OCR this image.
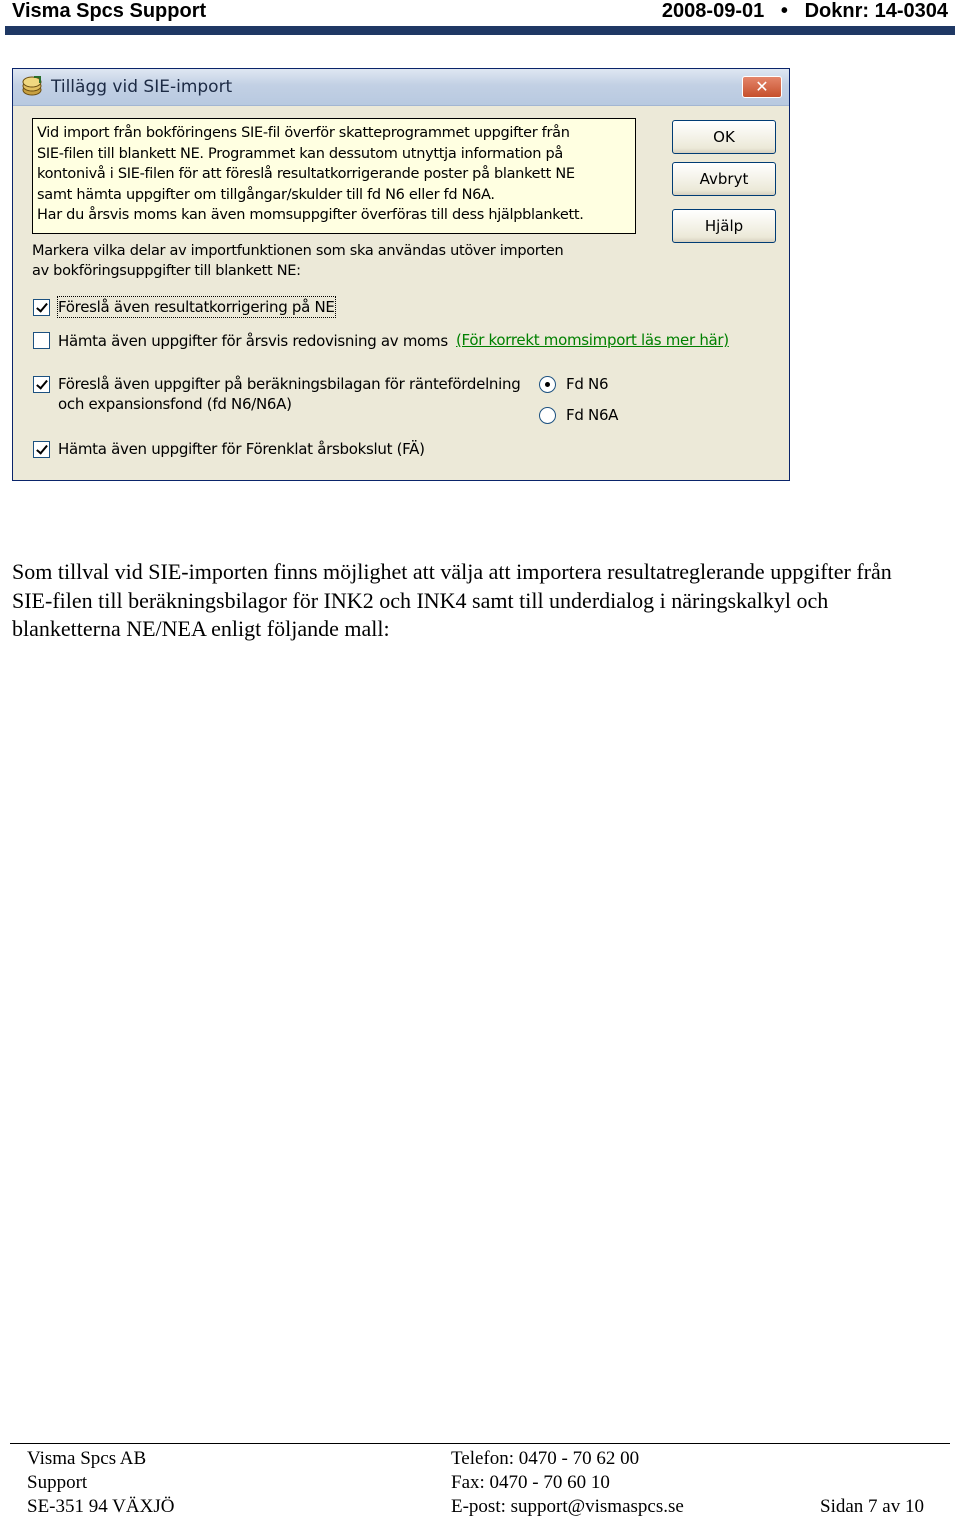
Visma Spcs Support	2008-09-01 • Doknr: 14-0304
Tillägg vid SIE-import	✕
Vid import från bokföringens SIE-fil överför skatteprogrammet uppgifter från
SIE-filen till blankett NE. Programmet kan dessutom utnyttja information på
kontonivå i SIE-filen för att föreslå resultatkorrigerande poster på blankett NE
samt hämta uppgifter om tillgångar/skulder till fd N6 eller fd N6A.
Har du årsvis moms kan även momsuppgifter överföras till dess hjälpblankett.
Markera vilka delar av importfunktionen som ska användas utöver importen
av bokföringsuppgifter till blankett NE:
OK
Avbryt
Hjälp
Föreslå även resultatkorrigering på NE
Hämta även uppgifter för årsvis redovisning av moms (För korrekt momsimport läs mer här)
Föreslå även uppgifter på beräkningsbilagan för räntefördelning
och expansionsfond (fd N6/N6A)
Fd N6
Fd N6A
Hämta även uppgifter för Förenklat årsbokslut (FÄ)
Som tillval vid SIE-importen finns möjlighet att välja att importera resultatreglerande uppgifter från SIE-filen till beräkningsbilagor för INK2 och INK4 samt till underdialog i näringskalkyl och blanketterna NE/NEA enligt följande mall:
Visma Spcs AB
Support
SE-351 94 VÄXJÖ
Telefon: 0470 - 70 62 00
Fax: 0470 - 70 60 10
E-post: support@vismaspcs.se	Sidan 7 av 10
